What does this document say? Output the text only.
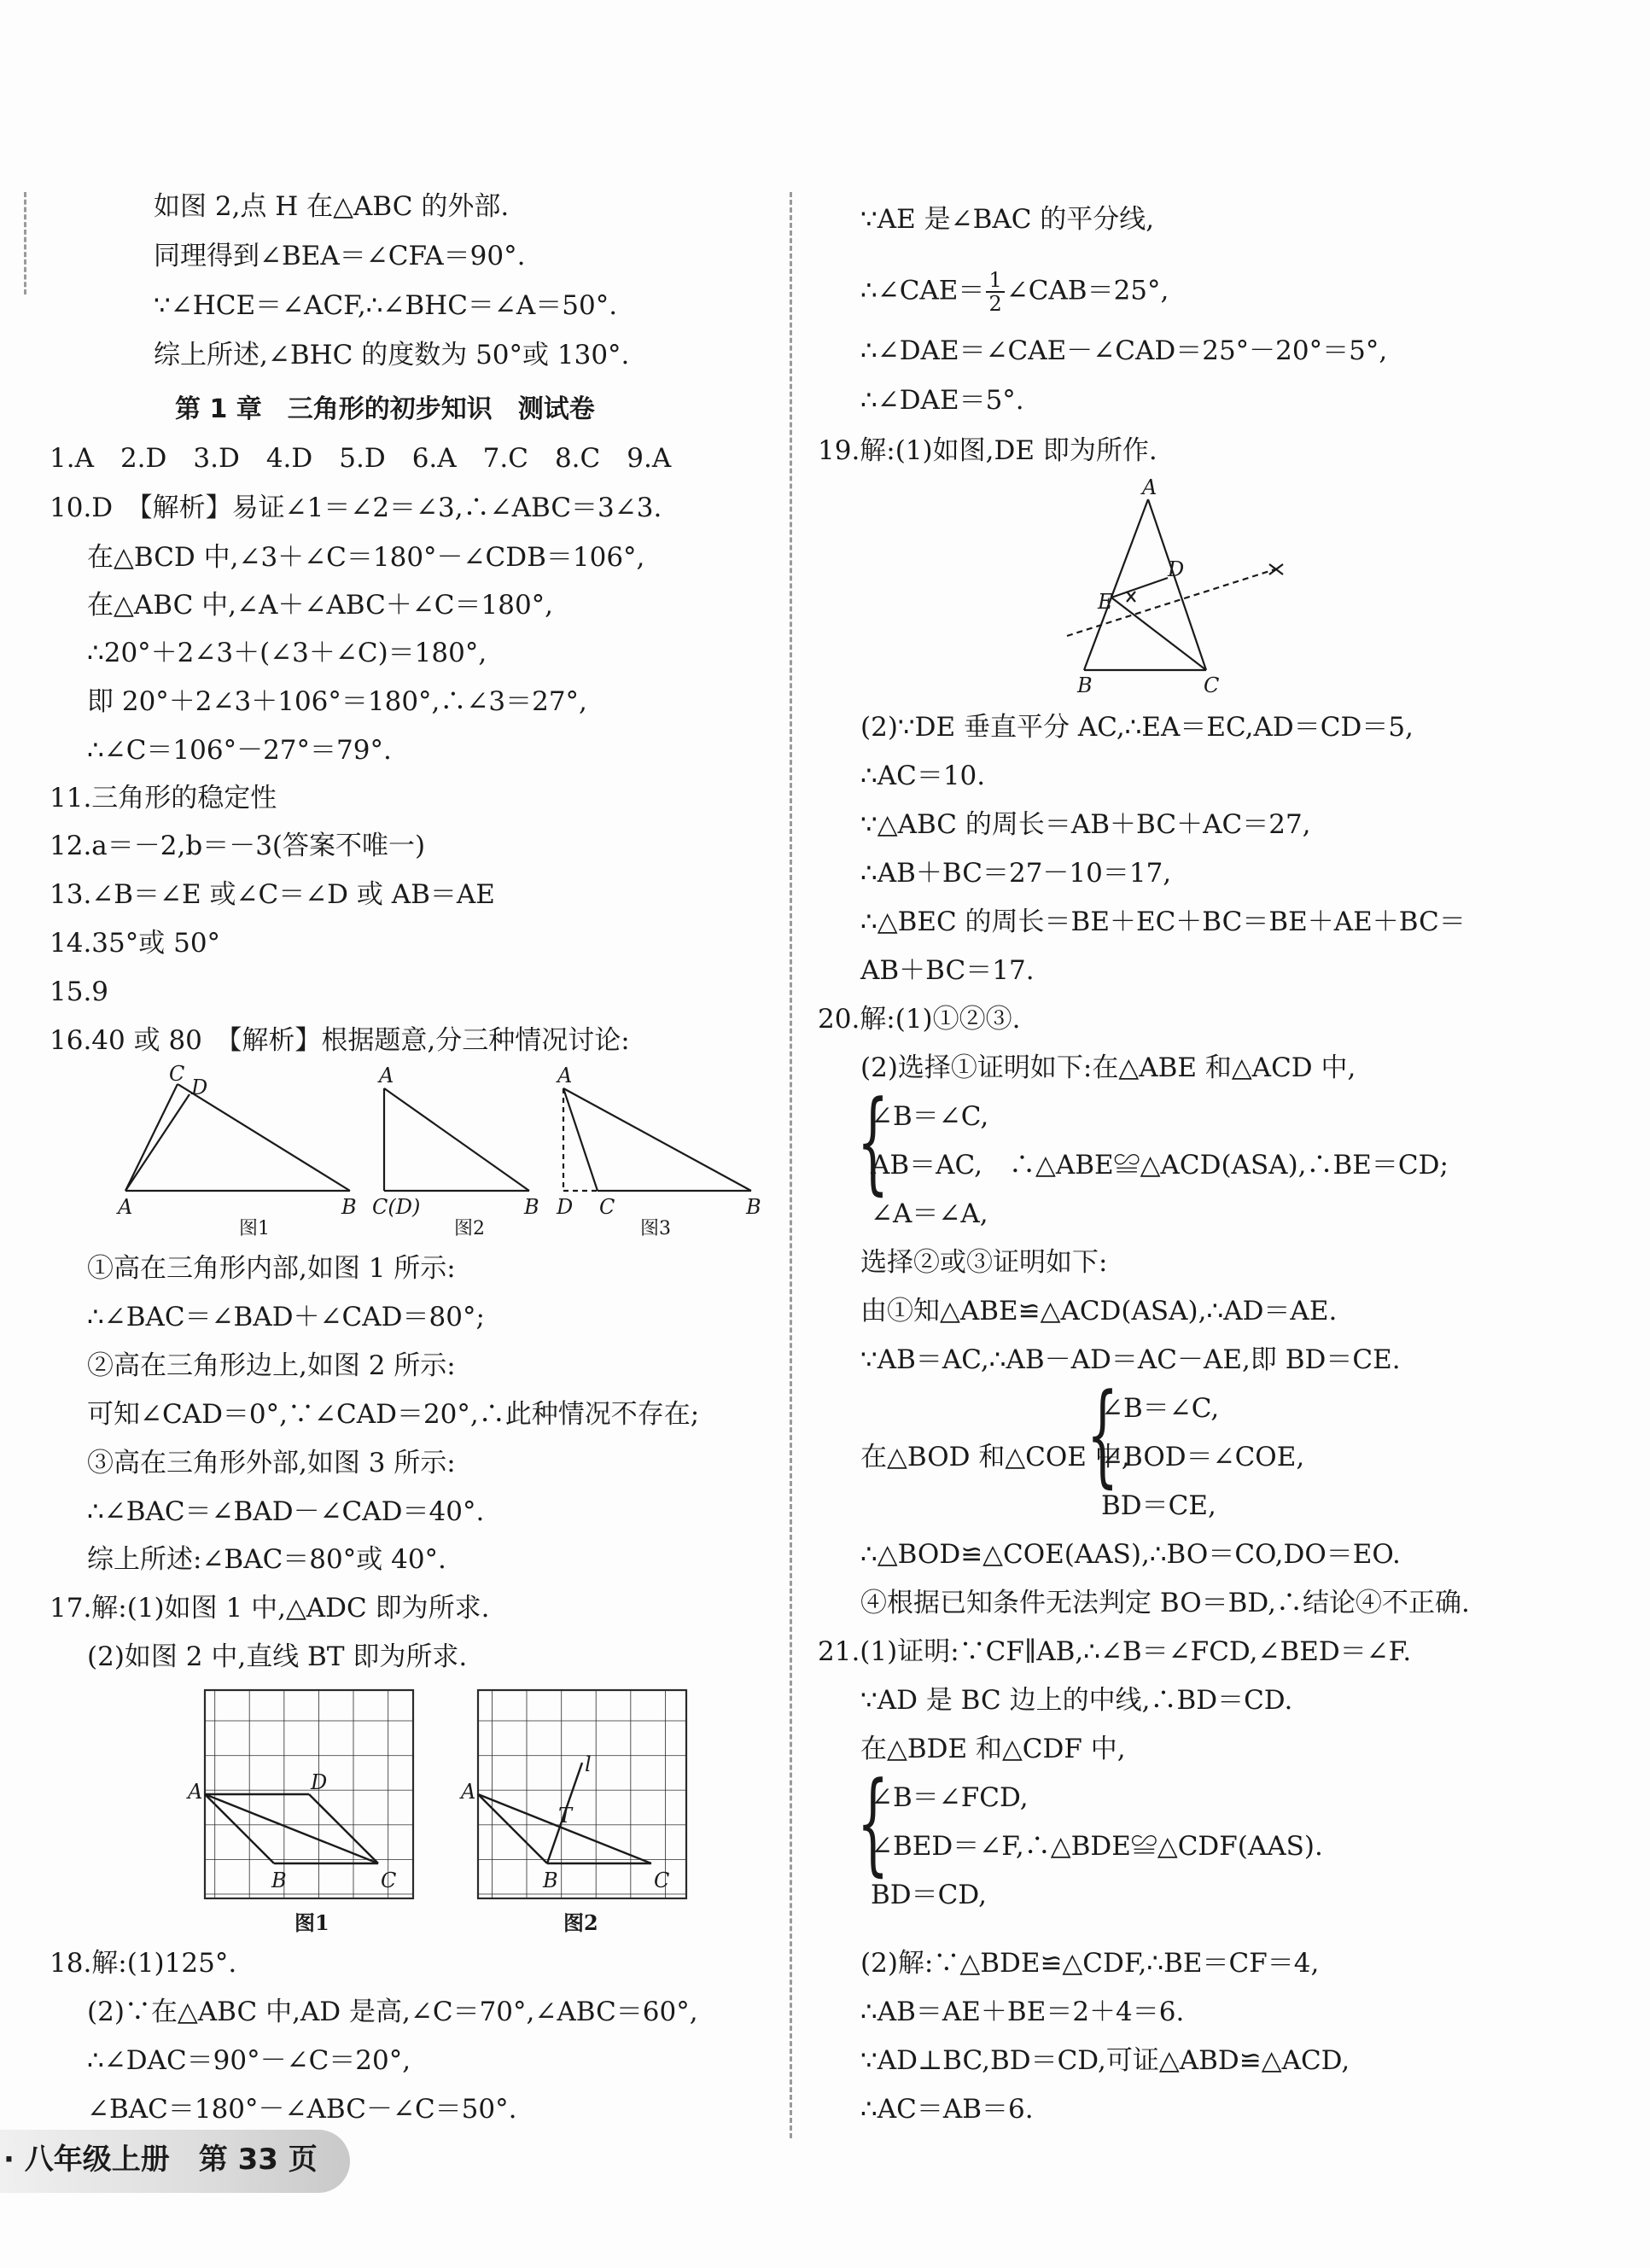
如图 2,点 H 在△ABC 的外部.
同理得到∠BEA＝∠CFA＝90°.
∵∠HCE＝∠ACF,∴∠BHC＝∠A＝50°.
综上所述,∠BHC 的度数为 50°或 130°.
第 1 章　三角形的初步知识　测试卷
1.A　2.D　3.D　4.D　5.D　6.A　7.C　8.C　9.A
10.D　【解析】易证∠1＝∠2＝∠3,∴∠ABC＝3∠3.
在△BCD 中,∠3＋∠C＝180°－∠CDB＝106°,
在△ABC 中,∠A＋∠ABC＋∠C＝180°,
∴20°＋2∠3＋(∠3＋∠C)＝180°,
即 20°＋2∠3＋106°＝180°,∴∠3＝27°,
∴∠C＝106°－27°＝79°.
11.三角形的稳定性
12.a＝－2,b＝－3(答案不唯一)
13.∠B＝∠E 或∠C＝∠D 或 AB＝AE
14.35°或 50°
15.9
16.40 或 80　【解析】根据题意,分三种情况讨论:
A	B
C
D	A
C(D)	B
A
D C	B
图1	图2	图3
①高在三角形内部,如图 1 所示:
∴∠BAC＝∠BAD＋∠CAD＝80°;
②高在三角形边上,如图 2 所示:
可知∠CAD＝0°,∵∠CAD＝20°,∴此种情况不存在;
③高在三角形外部,如图 3 所示:
∴∠BAC＝∠BAD－∠CAD＝40°.
综上所述:∠BAC＝80°或 40°.
17.解:(1)如图 1 中,△ADC 即为所求.
(2)如图 2 中,直线 BT 即为所求.
A
B	C
D	A
B	C
T
l
图1	图2
18.解:(1)125°.
(2)∵在△ABC 中,AD 是高,∠C＝70°,∠ABC＝60°,
∴∠DAC＝90°－∠C＝20°,
∠BAC＝180°－∠ABC－∠C＝50°.
∵AE 是∠BAC 的平分线,
∴∠CAE＝ $\frac{1}{2}$ ∠CAB＝25°,
∴∠DAE＝∠CAE－∠CAD＝25°－20°＝5°,
∴∠DAE＝5°.
19.解:(1)如图,DE 即为所作.
A
B	C
D
E
(2)∵DE 垂直平分 AC,∴EA＝EC,AD＝CD＝5,
∴AC＝10.
∵△ABC 的周长＝AB＋BC＋AC＝27,
∴AB＋BC＝27－10＝17,
∴△BEC 的周长＝BE＋EC＋BC＝BE＋AE＋BC＝
AB＋BC＝17.
20.解:(1)①②③.
(2)选择①证明如下:在△ABE 和△ACD 中,
{
∠B＝∠C,
AB＝AC,　∴△ABE≌△ACD(ASA),∴BE＝CD;
∠A＝∠A,
选择②或③证明如下:
由①知△ABE≌△ACD(ASA),∴AD＝AE.
∵AB＝AC,∴AB－AD＝AC－AE,即 BD＝CE.
在△BOD 和△COE 中,
{
∠B＝∠C,
∠BOD＝∠COE,
BD＝CE,
∴△BOD≌△COE(AAS),∴BO＝CO,DO＝EO.
④根据已知条件无法判定 BO＝BD,∴结论④不正确.
21.(1)证明:∵CF∥AB,∴∠B＝∠FCD,∠BED＝∠F.
∵AD 是 BC 边上的中线,∴BD＝CD.
在△BDE 和△CDF 中,
{
∠B＝∠FCD,
∠BED＝∠F,∴△BDE≌△CDF(AAS).
BD＝CD,
(2)解:∵△BDE≌△CDF,∴BE＝CF＝4,
∴AB＝AE＋BE＝2＋4＝6.
∵AD⊥BC,BD＝CD,可证△ABD≌△ACD,
∴AC＝AB＝6.
· 八年级上册　第 33 页
